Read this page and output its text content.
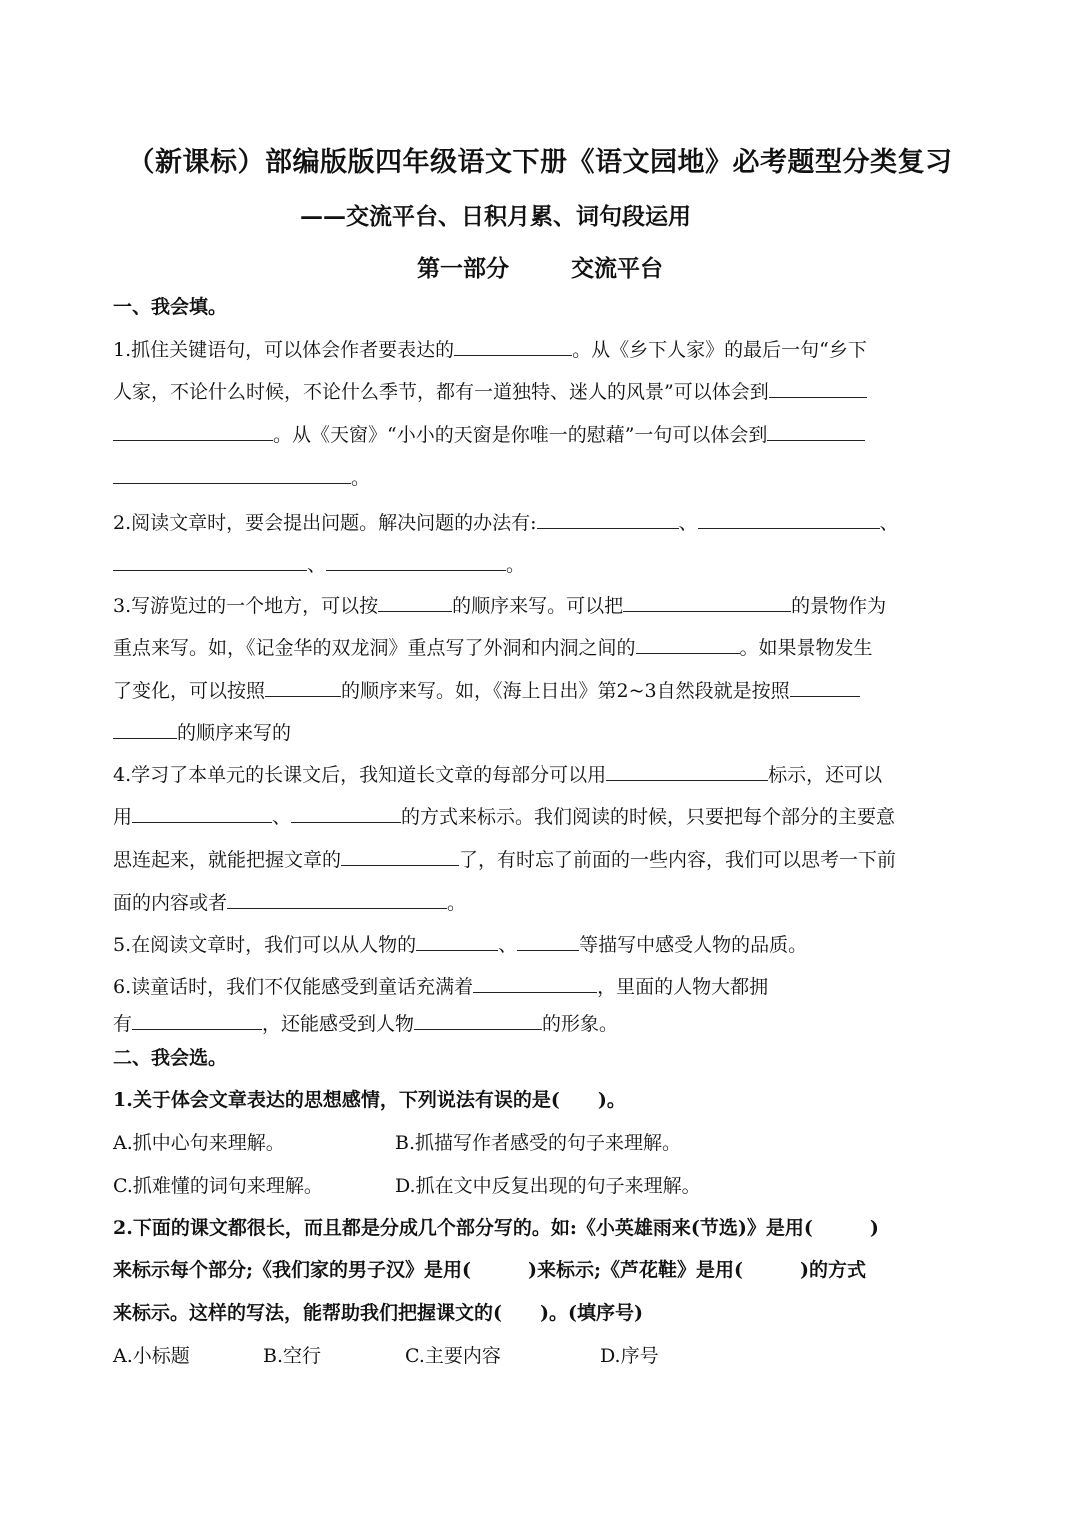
（新课标）部编版版四年级语文下册《语文园地》必考题型分类复习
——交流平台、日积月累、词句段运用
第一部分	交流平台
一、我会填。
1.抓住关键语句，可以体会作者要表达的	。从《乡下人家》的最后一句“乡下
人家，不论什么时候，不论什么季节，都有一道独特、迷人的风景”可以体会到
。从《天窗》“小小的天窗是你唯一的慰藉”一句可以体会到
。
2.阅读文章时，要会提出问题。解决问题的办法有:	、	、
、	。
3.写游览过的一个地方，可以按	的顺序来写。可以把	的景物作为
重点来写。如，《记金华的双龙洞》重点写了外洞和内洞之间的	。如果景物发生
了变化，可以按照	的顺序来写。如，《海上日出》第2~3自然段就是按照
的顺序来写的
4.学习了本单元的长课文后，我知道长文章的每部分可以用	标示，还可以
用	、	的方式来标示。我们阅读的时候，只要把每个部分的主要意
思连起来，就能把握文章的	了，有时忘了前面的一些内容，我们可以思考一下前
面的内容或者	。
5.在阅读文章时，我们可以从人物的	、	等描写中感受人物的品质。
6.读童话时，我们不仅能感受到童话充满着	，里面的人物大都拥
有	，还能感受到人物	的形象。
二、我会选。
1.关于体会文章表达的思想感情，下列说法有误的是(　　)。
A.抓中心句来理解。	B.抓描写作者感受的句子来理解。
C.抓难懂的词句来理解。	D.抓在文中反复出现的句子来理解。
2.下面的课文都很长，而且都是分成几个部分写的。如:《小英雄雨来(节选)》是用(　　　)
来标示每个部分;《我们家的男子汉》是用(　　　)来标示;《芦花鞋》是用(　　　)的方式
来标示。这样的写法，能帮助我们把握课文的(　　)。(填序号)
A.小标题	B.空行	C.主要内容	D.序号
